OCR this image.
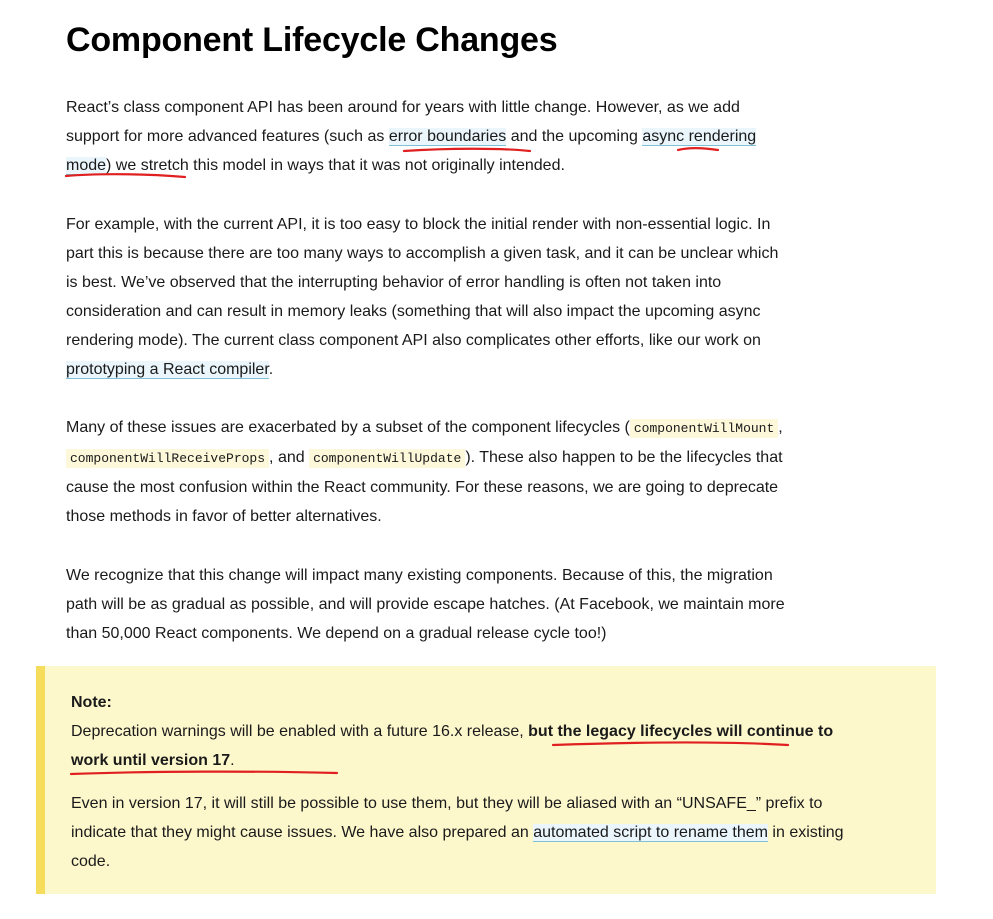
Component Lifecycle Changes

React’s class component API has been around for years with little change. However, as we add support for more advanced features (such as error boundaries and the upcoming async rendering mode) we stretch this model in ways that it was not originally intended.

For example, with the current API, it is too easy to block the initial render with non-essential logic. In part this is because there are too many ways to accomplish a given task, and it can be unclear which is best. We’ve observed that the interrupting behavior of error handling is often not taken into consideration and can result in memory leaks (something that will also impact the upcoming async rendering mode). The current class component API also complicates other efforts, like our work on prototyping a React compiler.

Many of these issues are exacerbated by a subset of the component lifecycles ( componentWillMount , componentWillReceiveProps , and componentWillUpdate ). These also happen to be the lifecycles that cause the most confusion within the React community. For these reasons, we are going to deprecate those methods in favor of better alternatives.

We recognize that this change will impact many existing components. Because of this, the migration path will be as gradual as possible, and will provide escape hatches. (At Facebook, we maintain more than 50,000 React components. We depend on a gradual release cycle too!)

Note:

Deprecation warnings will be enabled with a future 16.x release, but the legacy lifecycles will continue to work until version 17.

Even in version 17, it will still be possible to use them, but they will be aliased with an “UNSAFE_” prefix to indicate that they might cause issues. We have also prepared an automated script to rename them in existing code.
